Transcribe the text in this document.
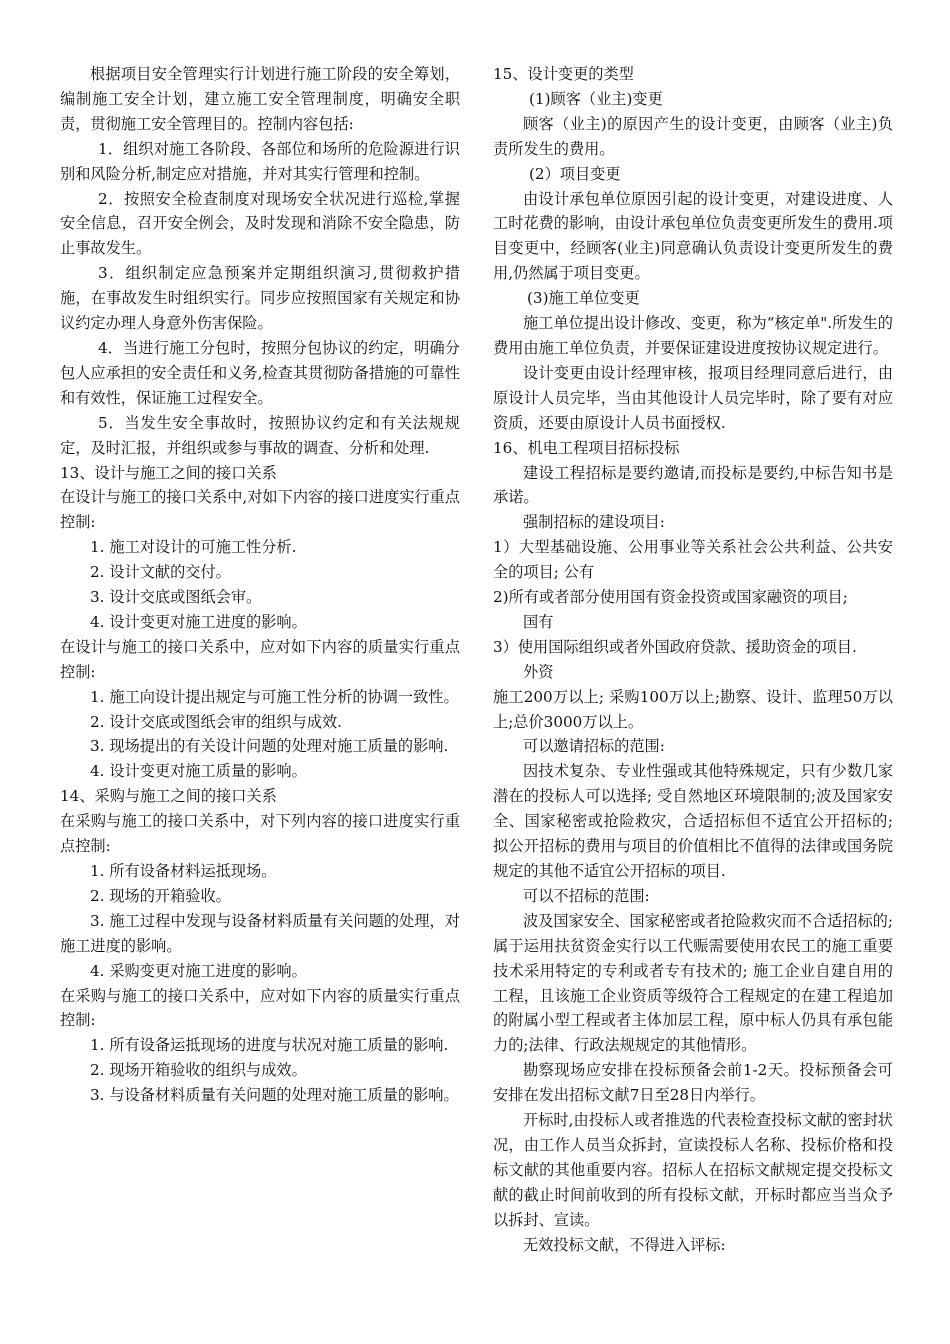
根据项目安全管理实行计划进行施工阶段的安全筹划，编制施工安全计划，建立施工安全管理制度，明确安全职责，贯彻施工安全管理目的。控制内容包括:

1．组织对施工各阶段、各部位和场所的危险源进行识别和风险分析,制定应对措施，并对其实行管理和控制。

2．按照安全检查制度对现场安全状况进行巡检,掌握安全信息，召开安全例会，及时发现和消除不安全隐患，防止事故发生。

3．组织制定应急预案并定期组织演习,贯彻救护措施，在事故发生时组织实行。同步应按照国家有关规定和协议约定办理人身意外伤害保险。

4．当进行施工分包时，按照分包协议的约定，明确分包人应承担的安全责任和义务,检查其贯彻防备措施的可靠性和有效性，保证施工过程安全。

5．当发生安全事故时，按照协议约定和有关法规规定，及时汇报，并组织或参与事故的调查、分析和处理.

13、设计与施工之间的接口关系

在设计与施工的接口关系中,对如下内容的接口进度实行重点控制:

1. 施工对设计的可施工性分析.

2. 设计文献的交付。

3. 设计交底或图纸会审。

4. 设计变更对施工进度的影响。

在设计与施工的接口关系中，应对如下内容的质量实行重点控制:

1. 施工向设计提出规定与可施工性分析的协调一致性。

2. 设计交底或图纸会审的组织与成效.

3. 现场提出的有关设计问题的处理对施工质量的影响.

4. 设计变更对施工质量的影响。

14、采购与施工之间的接口关系

在采购与施工的接口关系中，对下列内容的接口进度实行重点控制:

1. 所有设备材料运抵现场。

2. 现场的开箱验收。

3. 施工过程中发现与设备材料质量有关问题的处理，对施工进度的影响。

4. 采购变更对施工进度的影响。

在采购与施工的接口关系中，应对如下内容的质量实行重点控制:

1. 所有设备运抵现场的进度与状况对施工质量的影响.

2. 现场开箱验收的组织与成效。

3. 与设备材料质量有关问题的处理对施工质量的影响。

15、设计变更的类型

(1)顾客（业主)变更

顾客（业主)的原因产生的设计变更，由顾客（业主)负责所发生的费用。

(2）项目变更

由设计承包单位原因引起的设计变更，对建设进度、人工时花费的影响，由设计承包单位负责变更所发生的费用.项目变更中，经顾客(业主)同意确认负责设计变更所发生的费用,仍然属于项目变更。

(3)施工单位变更

施工单位提出设计修改、变更，称为“核定单".所发生的费用由施工单位负责，并要保证建设进度按协议规定进行。

设计变更由设计经理审核，报项目经理同意后进行，由原设计人员完毕，当由其他设计人员完毕时，除了要有对应资质，还要由原设计人员书面授权.

16、机电工程项目招标投标

建设工程招标是要约邀请,而投标是要约,中标告知书是承诺。

强制招标的建设项目:

1）大型基础设施、公用事业等关系社会公共利益、公共安全的项目; 公有

2)所有或者部分使用国有资金投资或国家融资的项目;

国有

3）使用国际组织或者外国政府贷款、援助资金的项目.

外资

施工200万以上; 采购100万以上;勘察、设计、监理50万以上;总价3000万以上。

可以邀请招标的范围:

因技术复杂、专业性强或其他特殊规定，只有少数几家潜在的投标人可以选择; 受自然地区环境限制的;波及国家安全、国家秘密或抢险救灾，合适招标但不适宜公开招标的; 拟公开招标的费用与项目的价值相比不值得的法律或国务院规定的其他不适宜公开招标的项目.

可以不招标的范围:

波及国家安全、国家秘密或者抢险救灾而不合适招标的; 属于运用扶贫资金实行以工代赈需要使用农民工的施工重要技术采用特定的专利或者专有技术的; 施工企业自建自用的工程，且该施工企业资质等级符合工程规定的在建工程追加的附属小型工程或者主体加层工程，原中标人仍具有承包能力的;法律、行政法规规定的其他情形。

勘察现场应安排在投标预备会前1-2天。投标预备会可安排在发出招标文献7日至28日内举行。

开标时,由投标人或者推选的代表检查投标文献的密封状况，由工作人员当众拆封，宣读投标人名称、投标价格和投标文献的其他重要内容。招标人在招标文献规定提交投标文献的截止时间前收到的所有投标文献，开标时都应当当众予以拆封、宣读。

无效投标文献，不得进入评标:
